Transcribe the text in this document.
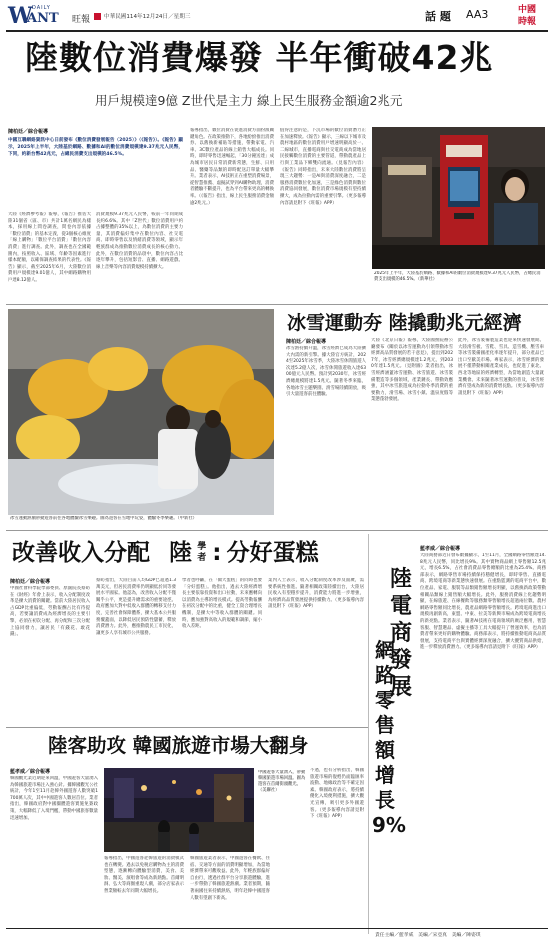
W
ANT
DAILY
旺報 中華民國114年12月24日／星期三	話 題 AA3	中國
時報
陸數位消費爆發 半年衝破42兆
用戶規模達9億 Z世代是主力 線上民生服務金額逾2兆元
陳柏廷／綜合報導
中國互聯網絡資訊中心日前發布《數位消費發展報告（2025）》（《報告》）。《報告》顯示，2025年上半年，大陸基於網路、數據和AI的數位消費規模達9.37兆元人民幣，下同，約新台幣42兆元，占總民消費支出規模的46.5%。
大陸《經濟參考報》報導，《報告》推估大陸31個省（區、市）共計1萬名網民為樣本，採用線上問卷調查，問卷內容依據「數位消費」的基本定義，從3個核心維度「線上購物」「數位平台消費」「數位內容消費」進行調查。此外，調查也在全國範圍內，按照收入、區域、年齡等因素進行樣本配額，以確保調查結果的代表性。《報告》顯示，截至2025年6月，大陸數位消費用戶規模達9.01億人，其中網路購物用戶達8.12億人。
消費規模9.37兆元人民幣，較前一年同期成長約6.6%。其中「Z世代」數位消費用戶約占據整體的35%以上，為數位消費的主要力量，其消費偏好集中在數位內容、社交電商、即時零售以及情緒消費等領域，顯示年輕族群成為推動數位消費成長的核心動力。此外，在數位消費的品項中，數位內容占比逐年攀升，包括短影音、直播、網路遊戲、線上音樂等內容消費規模持續擴大。
報導指出，數位消費在促進消費方面扮演關鍵角色。在政策推動下，各地紛紛推出消費券、以舊換新補貼等措施，帶動家電、汽車、3C數位產品的線上銷售大幅成長。同時，即時零售迅速崛起，「30分鐘送達」成為城市居民日常消費新常態，生鮮、日用品、醫藥等品類的即時配送訂單量大幅攀升。業者表示，AI技術正在重塑消費場景，從智慧推薦、虛擬試穿到AI購物助理，消費者體驗不斷提升，也為平台帶來更高的轉換率。（《報告》指出，線上民生服務消費金額逾2兆元。）
值得注意的是，下沉市場的數位消費潛力正在加速釋放。《報告》顯示，三線以下城市及農村地區的數位消費用戶增速明顯高於一、二線城市，直播電商與社交電商成為當地居民接觸數位消費的主要管道，帶動農產品上行與工業品下鄉雙向流通。（見報告內容）《報告》同時指出，未來大陸數位消費將呈現三大趨勢：一是AI與消費深度融合，二是服務消費數位化加速，三是綠色消費與數位消費協同發展，數位消費市場規模有望持續擴大，成為拉動內需的重要引擎。（更多報導內容請見附下《旺報》APP）
2025年上半年，大陸基於網路、數據和AI的數位消費規模達9.37兆元人民幣，占總民消費支出規模的46.5%。（新華社）
冰雪運動熱潮帶動遊客前往各地體驗冰雪樂趣。圖為遊客在雪地中玩耍，體驗冬季樂趣。（中新社）
冰雪運動夯 陸撬動兆元經濟
陳柏廷／綜合報導
冰雪熱持續升溫，冰雪經濟已成為大陸擴大內需的新引擎。據大陸官方統計，2024至2025年冰雪季，大陸冰雪休閒旅遊人次達5.2億人次，冰雪休閒旅遊收入達6300億元人民幣。預計到2030年，冰雪經濟總規模將達1.5兆元。隨著冬季來臨，各地冰雪主題樂園、滑雪場陸續開放，吸引大量遊客前往體驗。
大陸《北京日報》報導，大陸國務院辦公廳發布《關於以冰雪運動為引領帶動冰雪經濟高品質發展的若干意見》，提出到2027年，冰雪經濟總規模達1.2兆元，到2030年達1.5兆元。（見附圖）業者指出，冰雪經濟涵蓋冰雪運動、冰雪旅遊、冰雪裝備製造等多個領域，產業鏈長、帶動效應強，其中冰雪旅遊成為拉動冬季消費的重要動力，滑雪場、冰雪小鎮、溫泉度假等業態蓬勃發展。
此外，冰雪裝備製造業也迎來快速發展期。大陸滑雪板、雪鞋、雪具、造雪機、壓雪車等冰雪裝備國產化率逐年提升，部分產品已出口至歐美市場。專家表示，冰雪經濟的發展不僅帶動相關產業成長，也促進了東北、西北等地區的經濟轉型，為當地創造大量就業機會。未來隨著冰雪運動的普及，冰雪經濟有望成為新的消費增長點。（更多報導內容請見附下《旺報》APP）
改善收入分配 陸 學
者 : 分好蛋糕
陳柏廷／綜合報導
中國社會科學院學部委員、原副院長蔡昉在《財經》年會上表示，收入分配制度改革是擴大消費的關鍵。當前大陸居民收入占GDP比重偏低，勞動報酬占比有待提高，若要讓消費成為經濟增長的主要引擎，必須在初次分配、再分配和三次分配上協同發力，讓居民「有錢花、敢花錢」。
蔡昉指出，大陸目前人均GDP已超過1.3萬美元，但居民消費率仍明顯低於同等發展水平國家。他認為，改善收入分配不僅關乎公平，更是提升總需求的重要途徑。政府應加大對中低收入群體的轉移支付力度，完善社會保障體系，擴大基本公共服務覆蓋面，以降低居民預防性儲蓄，釋放消費潛力。此外，應推動農民工市民化，讓更多人享有城市公共服務。
學者也呼籲，在「做大蛋糕」的同時也要「分好蛋糕」。他指出，過去大陸經濟增長主要依靠投資和出口拉動，未來應轉向以消費為主導的增長模式。提高勞動報酬在初次分配中的比重，健全工資合理增長機制，是擴大中等收入群體的關鍵。同時，應加強對高收入的規範和調節，縮小收入差距。
業內人士表示，收入分配制度改革涉及面廣，需要系統性推進。隨著相關政策陸續出台，大陸居民收入有望穩步提升，消費能力將進一步增強，為經濟高品質發展提供持續動力。（更多報導內容請見附下《旺報》APP）
陸電商發展
網路零售額增長9%
藍孝威／綜合報導
大陸商務部近日發布數據顯示，1至11月，全國網路零售額達14.8兆元人民幣，同比增長9%。其中實物商品網上零售額12.5兆元，增長6.5%，占社會消費品零售總額的比重為25.4%。商務部表示，網路零售市場持續保持穩健增長，即時零售、直播電商、跨境電商等新業態快速發展。在重點監測的電商平台中，數位產品、家電、服裝等品類銷售額增長明顯，以舊換新政策帶動相關品類線上銷售額大幅增長。此外，服務消費線上化趨勢明顯，在線旅遊、在線餐飲等服務類零售額增長超過兩位數。農村網路零售額同比增長，農產品網路零售額增長。跨境電商進出口規模再創新高，東盟、中東、拉美等新興市場成為跨境電商增長的新亮點。業者表示，隨著AI技術在電商領域的廣泛應用，智慧客服、智慧選品、虛擬主播等工具大幅提升了營運效率，也為消費者帶來更好的購物體驗。商務部表示，將持續推動電商高品質發展，支持電商平台與實體經濟深度融合，擴大優質商品供給，進一步釋放消費潛力。（更多報導內容請見附下《旺報》APP）
陸客助攻 韓國旅遊市場大翻身
藍孝威／綜合報導
韓國觀光業近期迎來回溫，中國遊客大量湧入為韓國旅遊市場注入強心針。據韓國觀光公社統計，今年1至11月赴韓外國遊客人數突破1700萬人次，其中中國遊客人數居首位。業者指出，韓國政府對中國團體遊客實施免簽政策，大幅降低了入境門檻，帶動中國旅客數量迅速增加。
中國遊客大量湧入，帶動韓國旅遊市場回溫。圖為遊客在首爾街頭觀光。（美聯社）
報導指出，中國遊客赴韓旅遊的消費模式也在轉變。過去以免稅店購物為主的消費型態，逐漸轉向體驗型消費，美食、美妝、醫美、演唱會等成為新熱點。首爾明洞、弘大等商圈重現人潮，部分店家表示營業額較去年同期大幅增長。
韓國旅遊業者表示，中國遊客在餐飲、住宿、交通等方面的消費明顯增加，為當地經濟帶來可觀收益。此外，年輕族群偏好自由行，透過社群平台分享旅遊體驗，進一步帶動了韓國旅遊熱潮。業者預期，隨著兩國往來持續熱絡，明年赴韓中國遊客人數有望創下新高。
不過，也有分析指出，韓國旅遊市場的復甦仍面臨匯率波動、地緣政治等不確定因素。韓國政府表示，將持續優化入境便利措施，擴大觀光宣傳，吸引更多外國遊客。（更多報導內容請見附下《旺報》APP）
責任主編／藍孝威　美編／宋亞真　美編／陳姿琪
